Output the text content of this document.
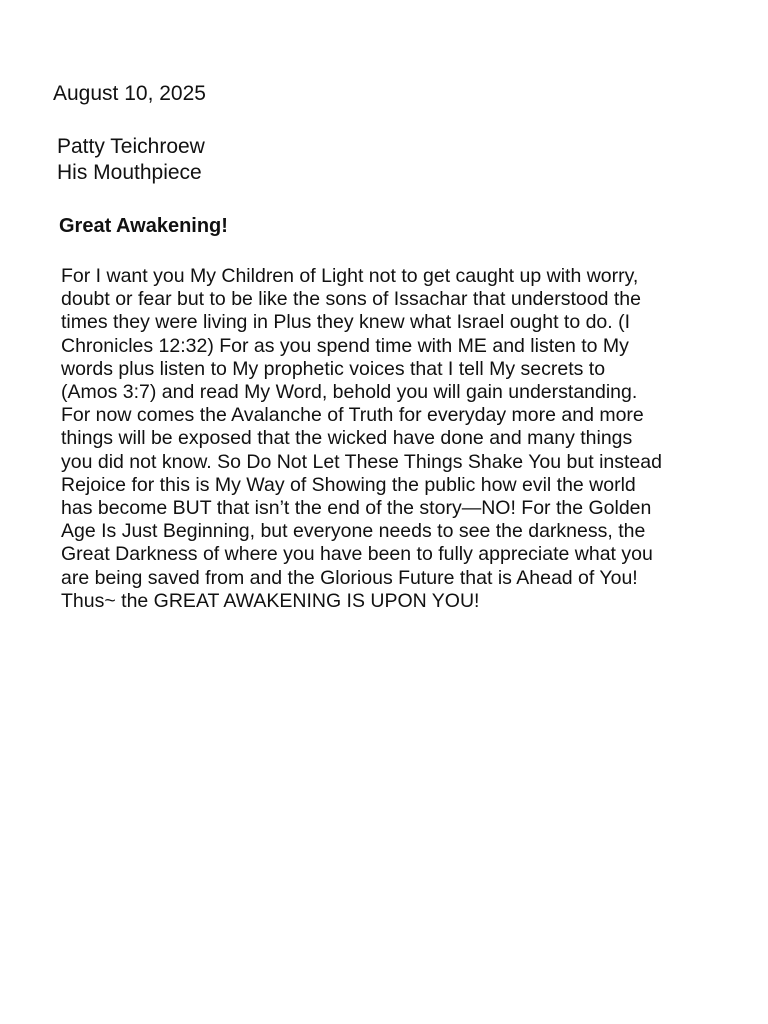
August 10, 2025

Patty Teichroew
His Mouthpiece
Great Awakening!
For I want you My Children of Light not to get caught up with worry,
doubt or fear but to be like the sons of Issachar that understood the
times they were living in Plus they knew what Israel ought to do. (I
Chronicles 12:32) For as you spend time with ME and listen to My
words plus listen to My prophetic voices that I tell My secrets to
(Amos 3:7) and read My Word, behold you will gain understanding.
For now comes the Avalanche of Truth for everyday more and more
things will be exposed that the wicked have done and many things
you did not know. So Do Not Let These Things Shake You but instead
Rejoice for this is My Way of Showing the public how evil the world
has become BUT that isn’t the end of the story—NO! For the Golden
Age Is Just Beginning, but everyone needs to see the darkness, the
Great Darkness of where you have been to fully appreciate what you
are being saved from and the Glorious Future that is Ahead of You!
Thus~ the GREAT AWAKENING IS UPON YOU!
